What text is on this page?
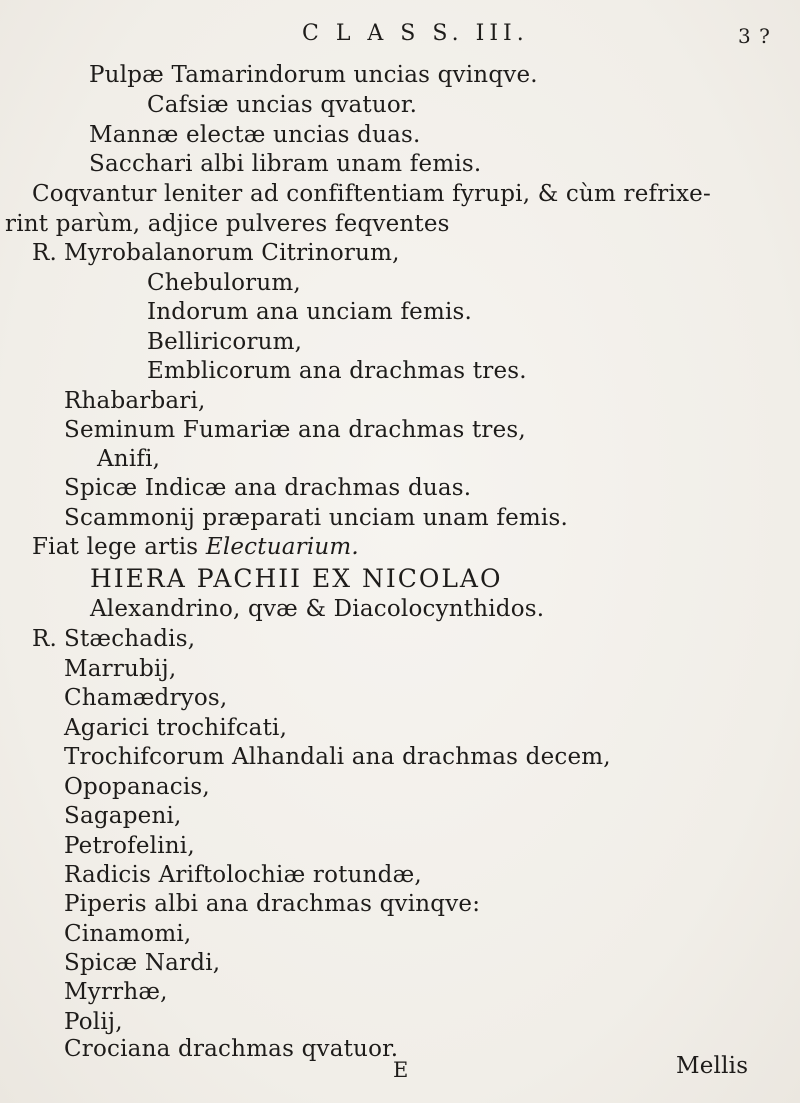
C L A S S. III.	3 ?
Pulpæ Tamarindorum uncias qvinqve.
Cafsiæ uncias qvatuor.
Mannæ electæ uncias duas.
Sacchari albi libram unam femis.
Coqvantur leniter ad confiftentiam fyrupi, & cùm refrixe-
rint parùm, adjice pulveres feqventes
R. Myrobalanorum Citrinorum,
Chebulorum,
Indorum ana unciam femis.
Belliricorum,
Emblicorum ana drachmas tres.
Rhabarbari,
Seminum Fumariæ ana drachmas tres,
Anifi,
Spicæ Indicæ ana drachmas duas.
Scammonij præparati unciam unam femis.
Fiat lege artis Electuarium.
HIERA PACHII EX NICOLAO
Alexandrino, qvæ & Diacolocynthidos.
R. Stæchadis,
Marrubij,
Chamædryos,
Agarici trochifcati,
Trochifcorum Alhandali ana drachmas decem,
Opopanacis,
Sagapeni,
Petrofelini,
Radicis Ariftolochiæ rotundæ,
Piperis albi ana drachmas qvinqve:
Cinamomi,
Spicæ Nardi,
Myrrhæ,
Polij,
Crociana drachmas qvatuor.
E	Mellis
